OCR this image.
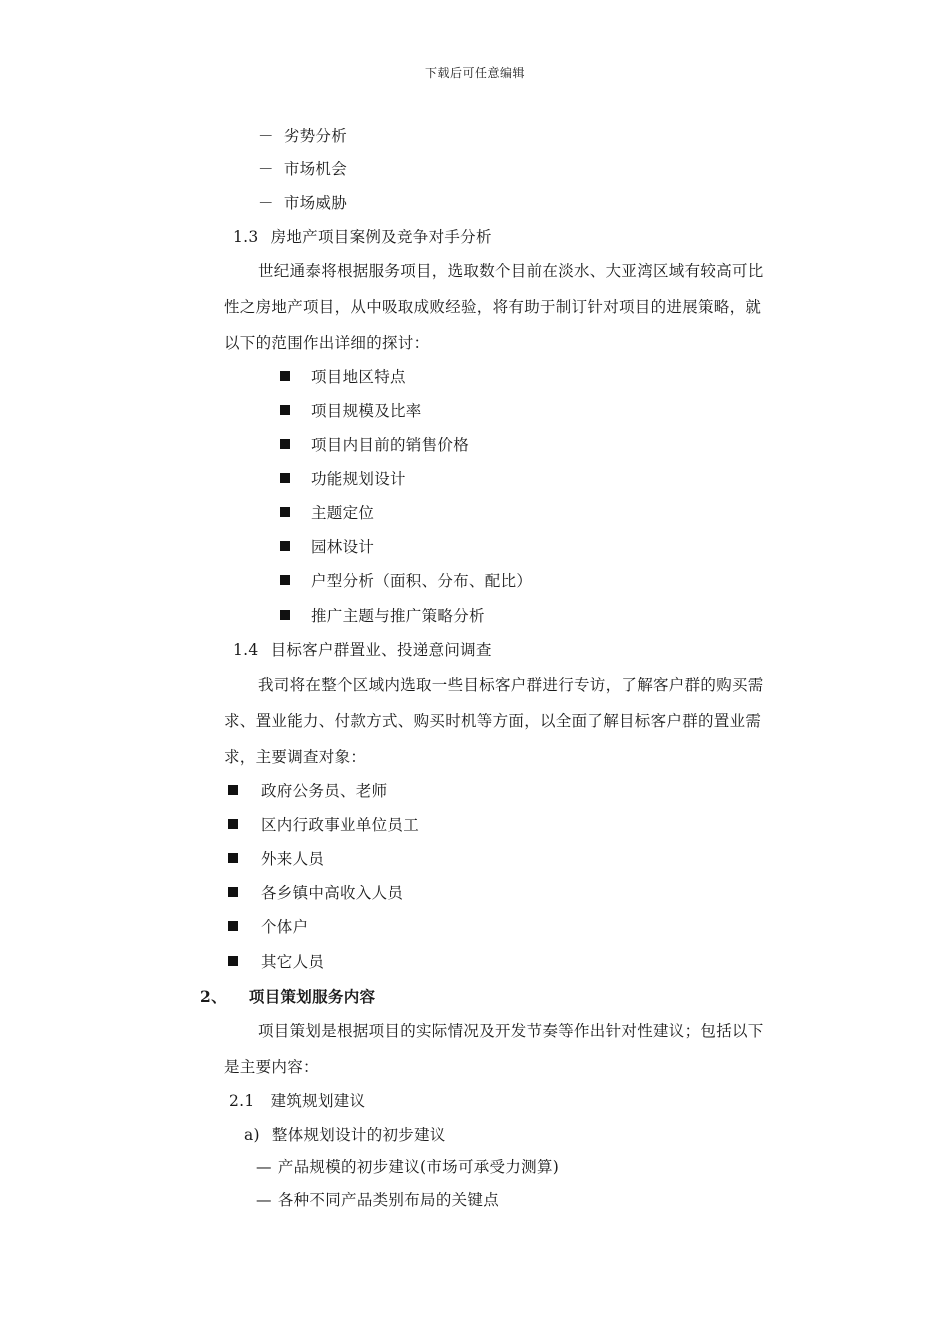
下载后可任意编辑
－ 劣势分析
－ 市场机会
－ 市场威胁
1.3 房地产项目案例及竞争对手分析
世纪通泰将根据服务项目，选取数个目前在淡水、大亚湾区域有较高可比
性之房地产项目，从中吸取成败经验，将有助于制订针对项目的进展策略，就
以下的范围作出详细的探讨：
项目地区特点
项目规模及比率
项目内目前的销售价格
功能规划设计
主题定位
园林设计
户型分析（面积、分布、配比）
推广主题与推广策略分析
1.4 目标客户群置业、投递意问调查
我司将在整个区域内选取一些目标客户群进行专访，了解客户群的购买需
求、置业能力、付款方式、购买时机等方面，以全面了解目标客户群的置业需
求，主要调查对象：
政府公务员、老师
区内行政事业单位员工
外来人员
各乡镇中高收入人员
个体户
其它人员
2、 项目策划服务内容
项目策划是根据项目的实际情况及开发节奏等作出针对性建议；包括以下
是主要内容：
2.1 建筑规划建议
a) 整体规划设计的初步建议
— 产品规模的初步建议(市场可承受力测算)
— 各种不同产品类别布局的关键点
